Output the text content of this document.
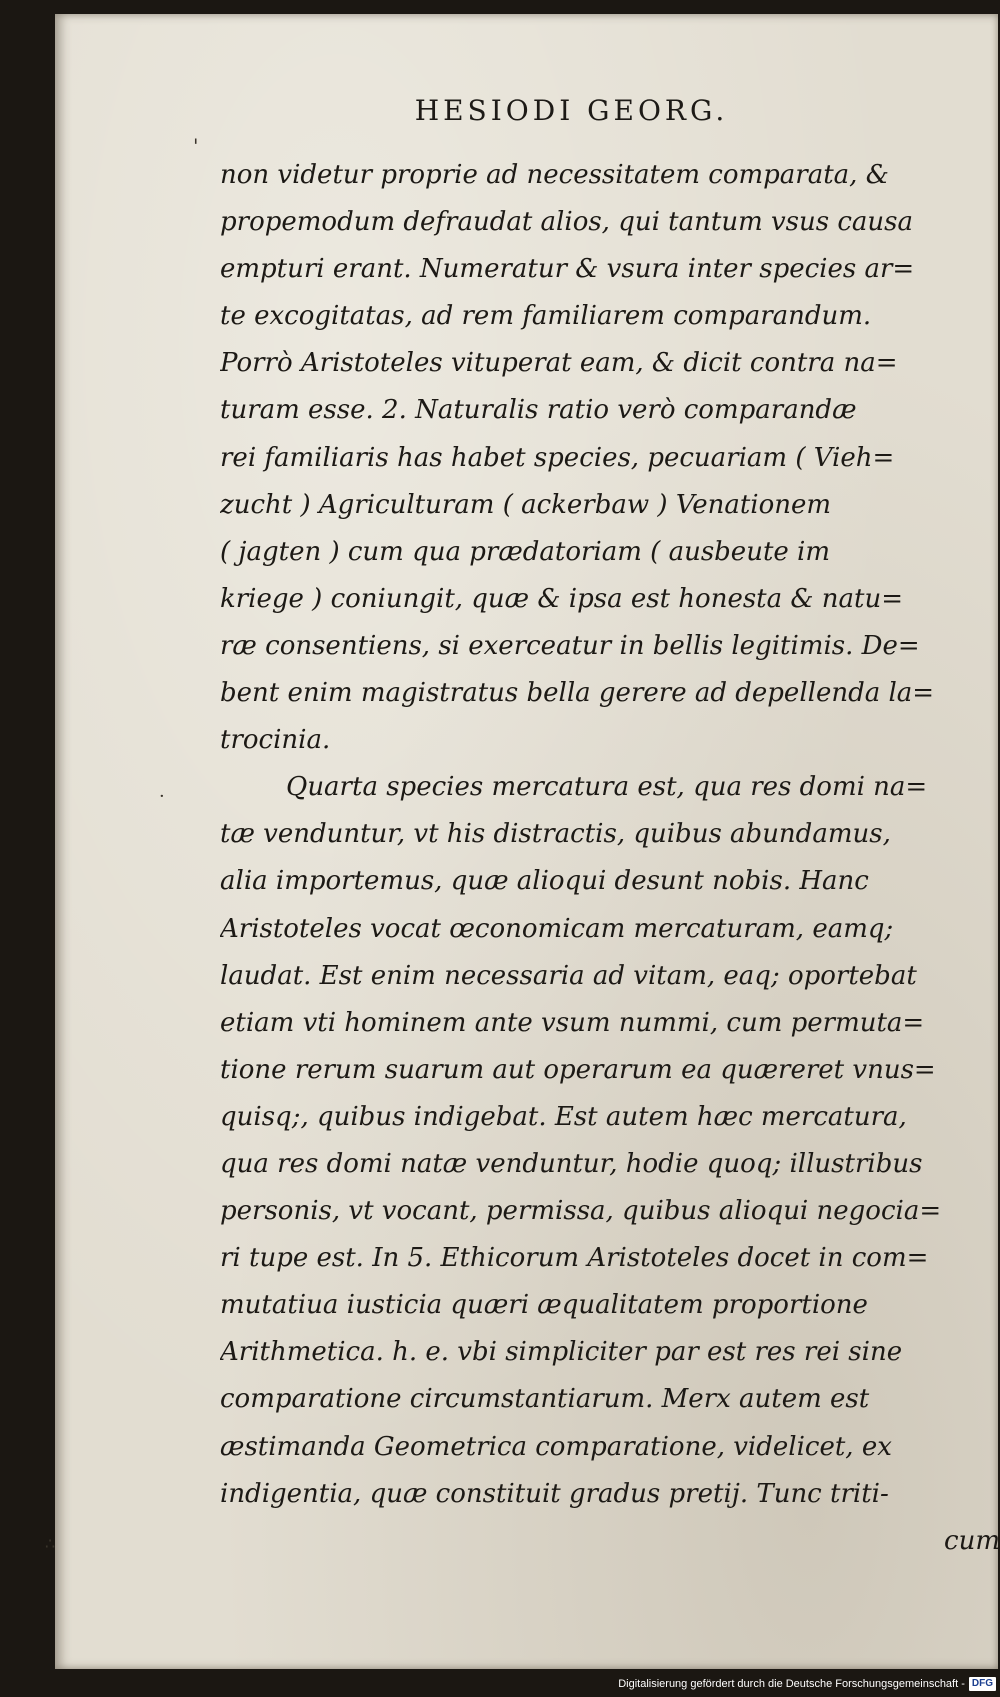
HESIODI GEORG.
'
·
∴
non videtur proprie ad necessitatem comparata, &
propemodum defraudat alios, qui tantum vsus causa
empturi erant. Numeratur & vsura inter species ar=
te excogitatas, ad rem familiarem comparandum.
Porrò Aristoteles vituperat eam, & dicit contra na=
turam esse. 2. Naturalis ratio verò comparandæ
rei familiaris has habet species, pecuariam ( Vieh=
zucht ) Agriculturam ( ackerbaw ) Venationem
( jagten ) cum qua prædatoriam ( ausbeute im
kriege ) coniungit, quæ & ipsa est honesta & natu=
ræ consentiens, si exerceatur in bellis legitimis. De=
bent enim magistratus bella gerere ad depellenda la=
trocinia.
Quarta species mercatura est, qua res domi na=
tæ venduntur, vt his distractis, quibus abundamus,
alia importemus, quæ alioqui desunt nobis. Hanc
Aristoteles vocat œconomicam mercaturam, eamq;
laudat. Est enim necessaria ad vitam, eaq; oportebat
etiam vti hominem ante vsum nummi, cum permuta=
tione rerum suarum aut operarum ea quæreret vnus=
quisq;, quibus indigebat. Est autem hæc mercatura,
qua res domi natæ venduntur, hodie quoq; illustribus
personis, vt vocant, permissa, quibus alioqui negocia=
ri tupe est. In 5. Ethicorum Aristoteles docet in com=
mutatiua iusticia quæri æqualitatem proportione
Arithmetica. h. e. vbi simpliciter par est res rei sine
comparatione circumstantiarum. Merx autem est
æstimanda Geometrica comparatione, videlicet, ex
indigentia, quæ constituit gradus pretij. Tunc triti-
cum
Digitalisierung gefördert durch die Deutsche Forschungsgemeinschaft - DFG
